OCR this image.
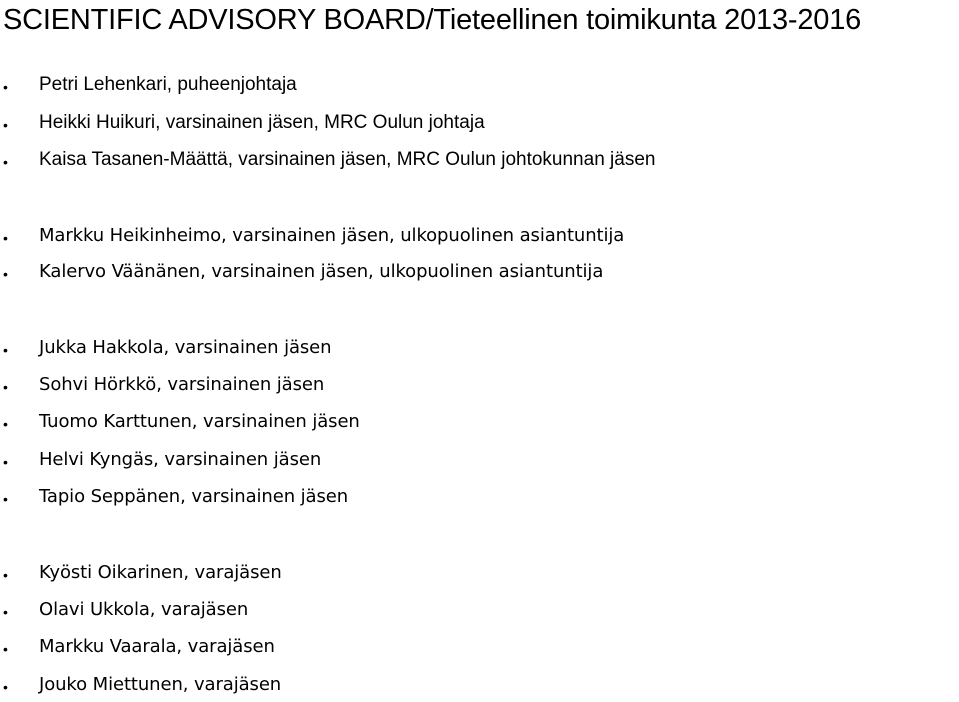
SCIENTIFIC ADVISORY BOARD/Tieteellinen toimikunta 2013-2016
• Petri Lehenkari, puheenjohtaja
• Heikki Huikuri, varsinainen jäsen, MRC Oulun johtaja
• Kaisa Tasanen-Määttä, varsinainen jäsen, MRC Oulun johtokunnan jäsen
• Markku Heikinheimo, varsinainen jäsen, ulkopuolinen asiantuntija
• Kalervo Väänänen, varsinainen jäsen, ulkopuolinen asiantuntija
• Jukka Hakkola, varsinainen jäsen
• Sohvi Hörkkö, varsinainen jäsen
• Tuomo Karttunen, varsinainen jäsen
• Helvi Kyngäs, varsinainen jäsen
• Tapio Seppänen, varsinainen jäsen
• Kyösti Oikarinen, varajäsen
• Olavi Ukkola, varajäsen
• Markku Vaarala, varajäsen
• Jouko Miettunen, varajäsen
